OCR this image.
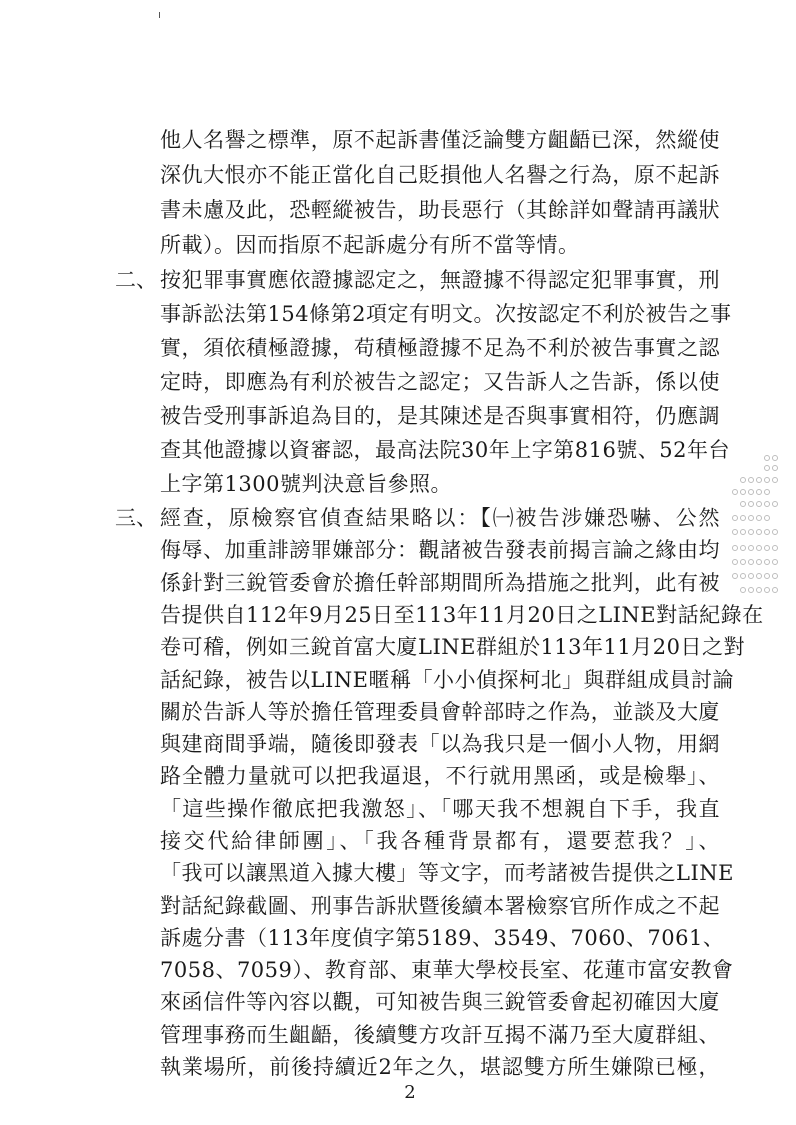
他人名譽之標準，原不起訴書僅泛論雙方齟齬已深，然縱使
深仇大恨亦不能正當化自己貶損他人名譽之行為，原不起訴
書未慮及此，恐輕縱被告，助長惡行（其餘詳如聲請再議狀
所載）。因而指原不起訴處分有所不當等情。
二、 按犯罪事實應依證據認定之，無證據不得認定犯罪事實，刑
事訴訟法第154條第2項定有明文。次按認定不利於被告之事
實，須依積極證據，苟積極證據不足為不利於被告事實之認
定時，即應為有利於被告之認定；又告訴人之告訴，係以使
被告受刑事訴追為目的，是其陳述是否與事實相符，仍應調
查其他證據以資審認，最高法院30年上字第816號、52年台
上字第1300號判決意旨參照。
三、 經查，原檢察官偵查結果略以：【㈠被告涉嫌恐嚇、公然
侮辱、加重誹謗罪嫌部分：觀諸被告發表前揭言論之緣由均
係針對三銳管委會於擔任幹部期間所為措施之批判，此有被
告提供自112年9月25日至113年11月20日之LINE對話紀錄在
卷可稽，例如三銳首富大廈LINE群組於113年11月20日之對
話紀錄，被告以LINE暱稱「小小偵探柯北」與群組成員討論
關於告訴人等於擔任管理委員會幹部時之作為，並談及大廈
與建商間爭端，隨後即發表「以為我只是一個小人物，用網
路全體力量就可以把我逼退，不行就用黑函，或是檢舉」、
「這些操作徹底把我激怒」、「哪天我不想親自下手，我直
接交代給律師團」、「我各種背景都有，還要惹我？」、
「我可以讓黑道入據大樓」等文字，而考諸被告提供之LINE
對話紀錄截圖、刑事告訴狀暨後續本署檢察官所作成之不起
訴處分書（113年度偵字第5189、3549、7060、7061、
7058、7059）、教育部、東華大學校長室、花蓮市富安教會
來函信件等內容以觀，可知被告與三銳管委會起初確因大廈
管理事務而生齟齬，後續雙方攻訐互揭不滿乃至大廈群組、
執業場所，前後持續近2年之久，堪認雙方所生嫌隙已極，
2
